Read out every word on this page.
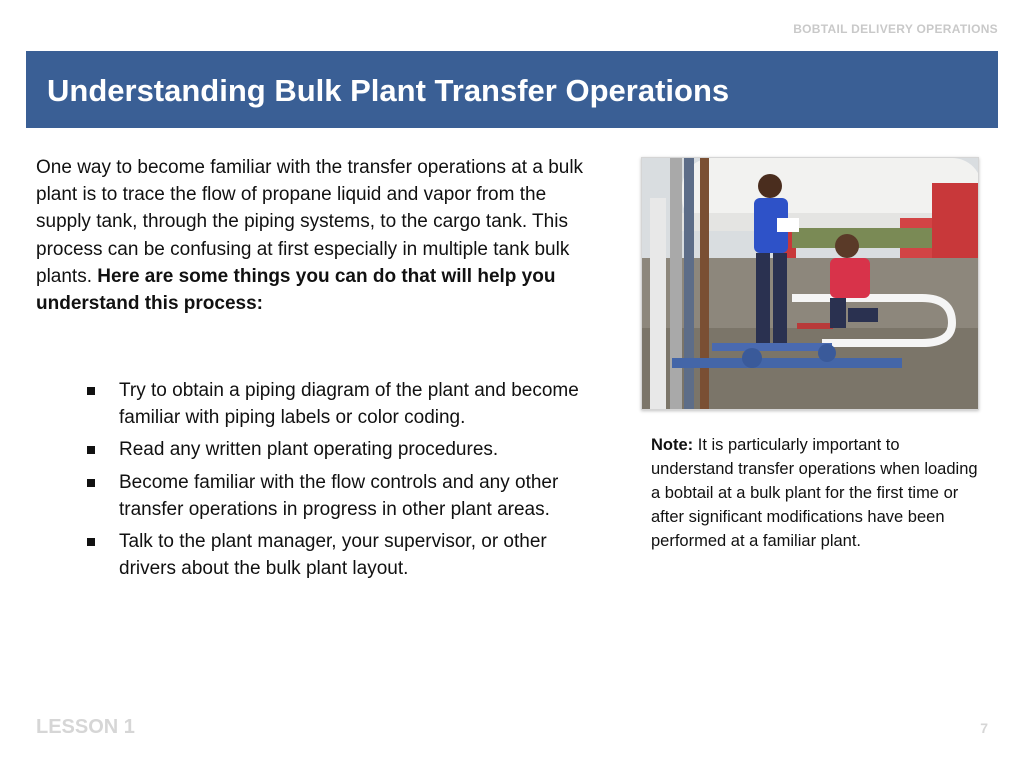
BOBTAIL DELIVERY OPERATIONS
Understanding Bulk Plant Transfer Operations
One way to become familiar with the transfer operations at a bulk plant is to trace the flow of propane liquid and vapor from the supply tank, through the piping systems, to the cargo tank. This process can be confusing at first especially in multiple tank bulk plants. Here are some things you can do that will help you understand this process:
Try to obtain a piping diagram of the plant and become familiar with piping labels or color coding.
Read any written plant operating procedures.
Become familiar with the flow controls and any other transfer operations in progress in other plant areas.
Talk to the plant manager, your supervisor, or other drivers about the bulk plant layout.
Note: It is particularly important to understand transfer operations when loading a bobtail at a bulk plant for the first time or after significant modifications have been performed at a familiar plant.
LESSON 1	7
